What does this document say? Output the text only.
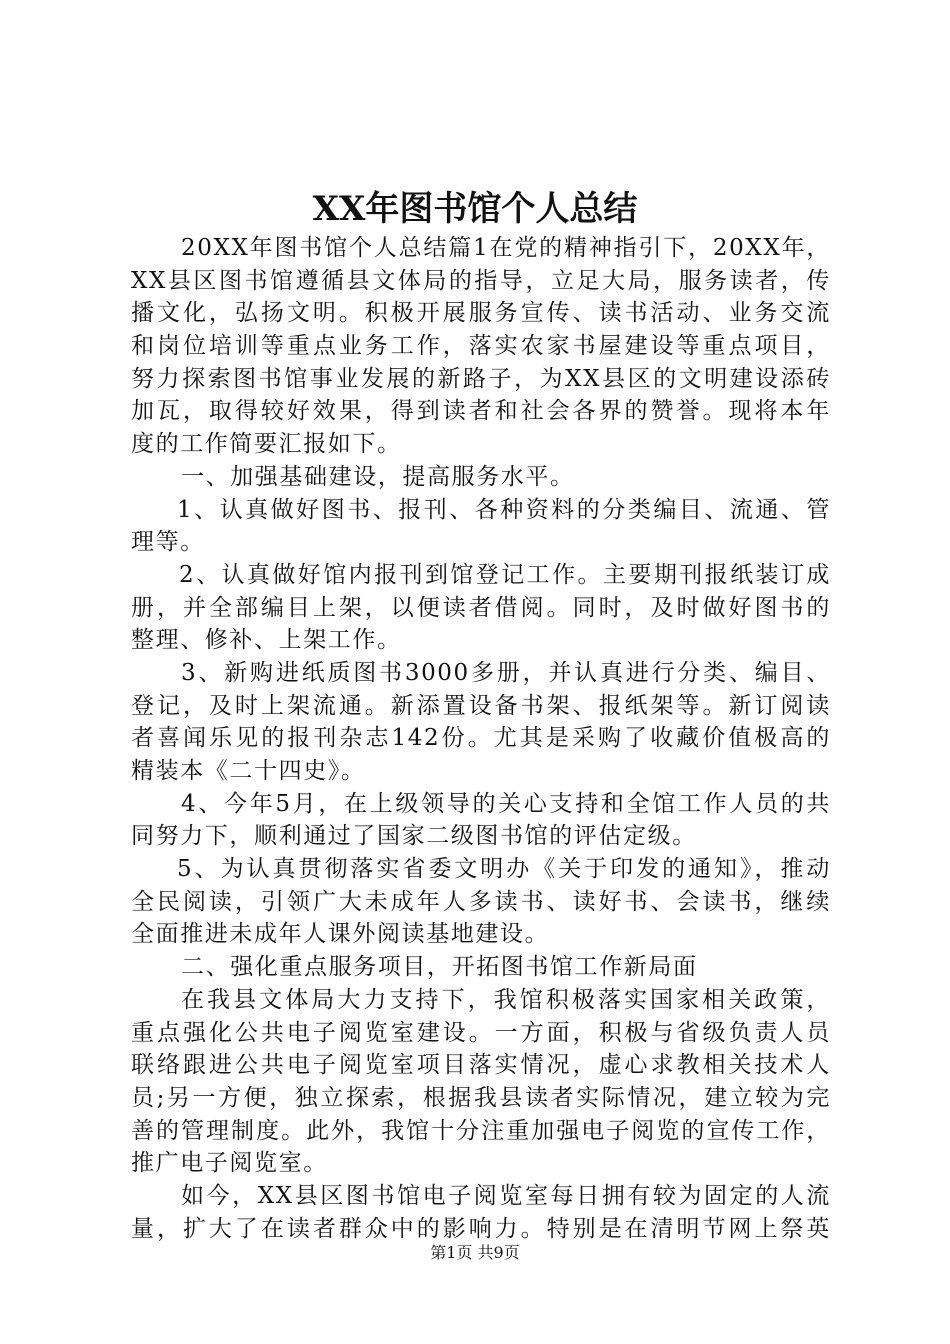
XX年图书馆个人总结
20XX年图书馆个人总结篇1在党的精神指引下，20XX年，
XX县区图书馆遵循县文体局的指导，立足大局，服务读者，传
播文化，弘扬文明。积极开展服务宣传、读书活动、业务交流
和岗位培训等重点业务工作，落实农家书屋建设等重点项目，
努力探索图书馆事业发展的新路子，为XX县区的文明建设添砖
加瓦，取得较好效果，得到读者和社会各界的赞誉。现将本年
度的工作简要汇报如下。
一、加强基础建设，提高服务水平。
1、认真做好图书、报刊、各种资料的分类编目、流通、管
理等。
2、认真做好馆内报刊到馆登记工作。主要期刊报纸装订成
册，并全部编目上架，以便读者借阅。同时，及时做好图书的
整理、修补、上架工作。
3、新购进纸质图书3000多册，并认真进行分类、编目、
登记，及时上架流通。新添置设备书架、报纸架等。新订阅读
者喜闻乐见的报刊杂志142份。尤其是采购了收藏价值极高的
精装本《二十四史》。
4、今年5月，在上级领导的关心支持和全馆工作人员的共
同努力下，顺利通过了国家二级图书馆的评估定级。
5、为认真贯彻落实省委文明办《关于印发的通知》，推动
全民阅读，引领广大未成年人多读书、读好书、会读书，继续
全面推进未成年人课外阅读基地建设。
二、强化重点服务项目，开拓图书馆工作新局面
在我县文体局大力支持下，我馆积极落实国家相关政策，
重点强化公共电子阅览室建设。一方面，积极与省级负责人员
联络跟进公共电子阅览室项目落实情况，虚心求教相关技术人
员;另一方便，独立探索，根据我县读者实际情况，建立较为完
善的管理制度。此外，我馆十分注重加强电子阅览的宣传工作，
推广电子阅览室。
如今，XX县区图书馆电子阅览室每日拥有较为固定的人流
量，扩大了在读者群众中的影响力。特别是在清明节网上祭英
第1页 共9页
